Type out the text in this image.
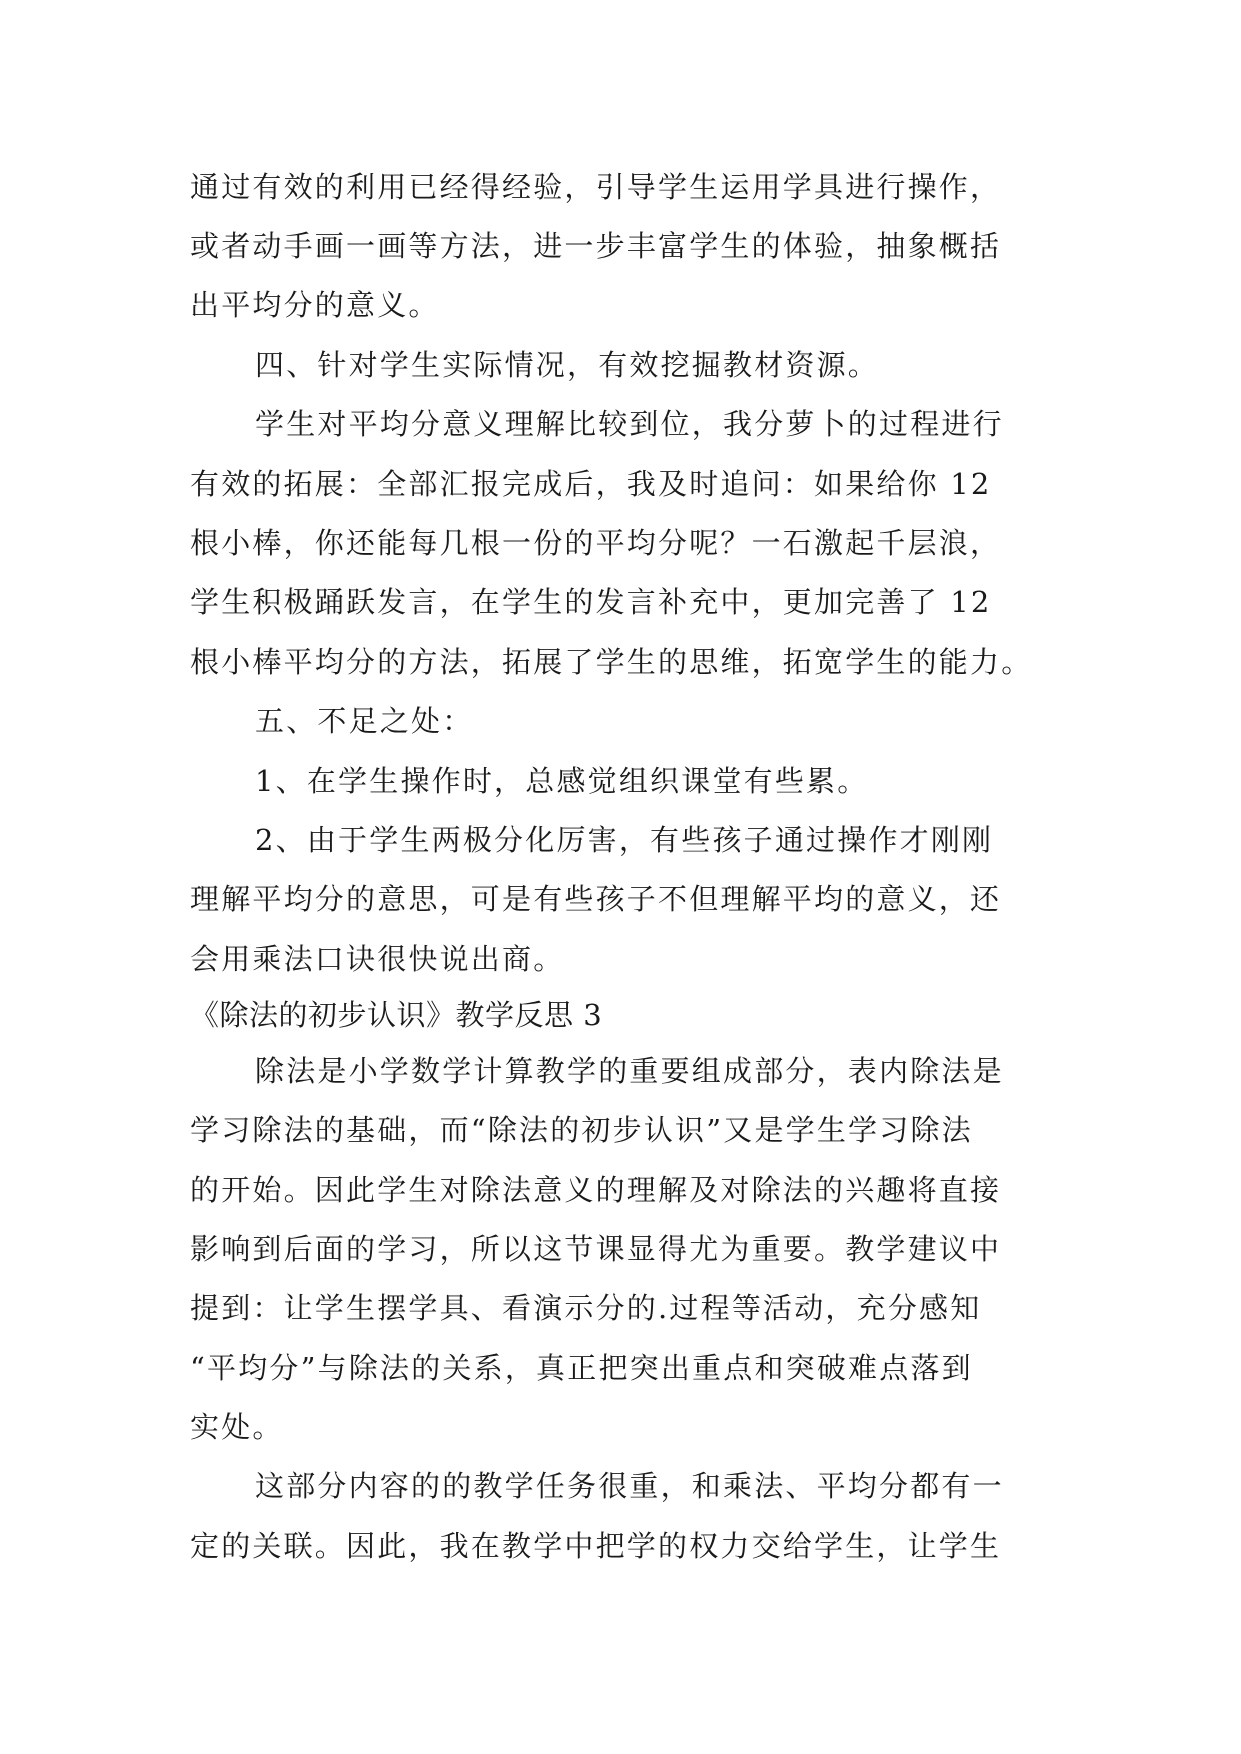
通过有效的利用已经得经验，引导学生运用学具进行操作，
或者动手画一画等方法，进一步丰富学生的体验，抽象概括
出平均分的意义。
四、针对学生实际情况，有效挖掘教材资源。
学生对平均分意义理解比较到位，我分萝卜的过程进行
有效的拓展：全部汇报完成后，我及时追问：如果给你 12
根小棒，你还能每几根一份的平均分呢？一石激起千层浪，
学生积极踊跃发言，在学生的发言补充中，更加完善了 12
根小棒平均分的方法，拓展了学生的思维，拓宽学生的能力。
五、不足之处：
1、在学生操作时，总感觉组织课堂有些累。
2、由于学生两极分化厉害，有些孩子通过操作才刚刚
理解平均分的意思，可是有些孩子不但理解平均的意义，还
会用乘法口诀很快说出商。
《除法的初步认识》教学反思 3
除法是小学数学计算教学的重要组成部分，表内除法是
学习除法的基础，而“除法的初步认识”又是学生学习除法
的开始。因此学生对除法意义的理解及对除法的兴趣将直接
影响到后面的学习，所以这节课显得尤为重要。教学建议中
提到：让学生摆学具、看演示分的.过程等活动，充分感知
“平均分”与除法的关系，真正把突出重点和突破难点落到
实处。
这部分内容的的教学任务很重，和乘法、平均分都有一
定的关联。因此，我在教学中把学的权力交给学生，让学生
